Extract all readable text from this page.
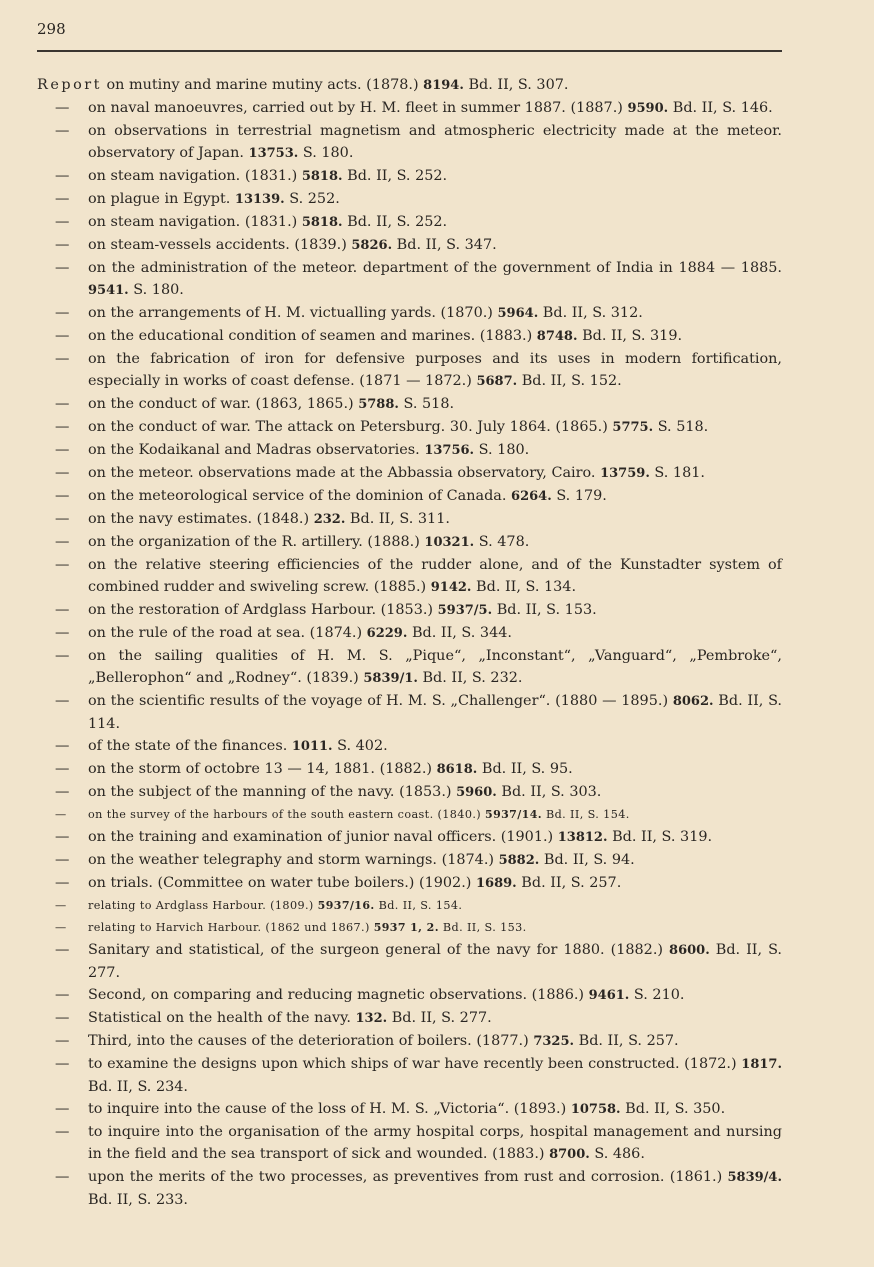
298
Report on mutiny and marine mutiny acts. (1878.) 8194. Bd. II, S. 307.
— on naval manoeuvres, carried out by H. M. fleet in summer 1887. (1887.) 9590. Bd. II, S. 146.
— on observations in terrestrial magnetism and atmospheric electricity made at the meteor. observatory of Japan. 13753. S. 180.
— on steam navigation. (1831.) 5818. Bd. II, S. 252.
— on plague in Egypt. 13139. S. 252.
— on steam navigation. (1831.) 5818. Bd. II, S. 252.
— on steam-vessels accidents. (1839.) 5826. Bd. II, S. 347.
— on the administration of the meteor. department of the government of India in 1884 — 1885. 9541. S. 180.
— on the arrangements of H. M. victualling yards. (1870.) 5964. Bd. II, S. 312.
— on the educational condition of seamen and marines. (1883.) 8748. Bd. II, S. 319.
— on the fabrication of iron for defensive purposes and its uses in modern fortification, especially in works of coast defense. (1871 — 1872.) 5687. Bd. II, S. 152.
— on the conduct of war. (1863, 1865.) 5788. S. 518.
— on the conduct of war. The attack on Petersburg. 30. July 1864. (1865.) 5775. S. 518.
— on the Kodaikanal and Madras observatories. 13756. S. 180.
— on the meteor. observations made at the Abbassia observatory, Cairo. 13759. S. 181.
— on the meteorological service of the dominion of Canada. 6264. S. 179.
— on the navy estimates. (1848.) 232. Bd. II, S. 311.
— on the organization of the R. artillery. (1888.) 10321. S. 478.
— on the relative steering efficiencies of the rudder alone, and of the Kunstadter system of combined rudder and swiveling screw. (1885.) 9142. Bd. II, S. 134.
— on the restoration of Ardglass Harbour. (1853.) 5937/5. Bd. II, S. 153.
— on the rule of the road at sea. (1874.) 6229. Bd. II, S. 344.
— on the sailing qualities of H. M. S. „Pique“, „Inconstant“, „Vanguard“, „Pembroke“, „Bellerophon“ and „Rodney“. (1839.) 5839/1. Bd. II, S. 232.
— on the scientific results of the voyage of H. M. S. „Challenger“. (1880 — 1895.) 8062. Bd. II, S. 114.
— of the state of the finances. 1011. S. 402.
— on the storm of octobre 13 — 14, 1881. (1882.) 8618. Bd. II, S. 95.
— on the subject of the manning of the navy. (1853.) 5960. Bd. II, S. 303.
— on the survey of the harbours of the south eastern coast. (1840.) 5937/14. Bd. II, S. 154.
— on the training and examination of junior naval officers. (1901.) 13812. Bd. II, S. 319.
— on the weather telegraphy and storm warnings. (1874.) 5882. Bd. II, S. 94.
— on trials. (Committee on water tube boilers.) (1902.) 1689. Bd. II, S. 257.
— relating to Ardglass Harbour. (1809.) 5937/16. Bd. II, S. 154.
— relating to Harvich Harbour. (1862 und 1867.) 5937 1, 2. Bd. II, S. 153.
— Sanitary and statistical, of the surgeon general of the navy for 1880. (1882.) 8600. Bd. II, S. 277.
— Second, on comparing and reducing magnetic observations. (1886.) 9461. S. 210.
— Statistical on the health of the navy. 132. Bd. II, S. 277.
— Third, into the causes of the deterioration of boilers. (1877.) 7325. Bd. II, S. 257.
— to examine the designs upon which ships of war have recently been constructed. (1872.) 1817. Bd. II, S. 234.
— to inquire into the cause of the loss of H. M. S. „Victoria“. (1893.) 10758. Bd. II, S. 350.
— to inquire into the organisation of the army hospital corps, hospital management and nursing in the field and the sea transport of sick and wounded. (1883.) 8700. S. 486.
— upon the merits of the two processes, as preventives from rust and corrosion. (1861.) 5839/4. Bd. II, S. 233.
